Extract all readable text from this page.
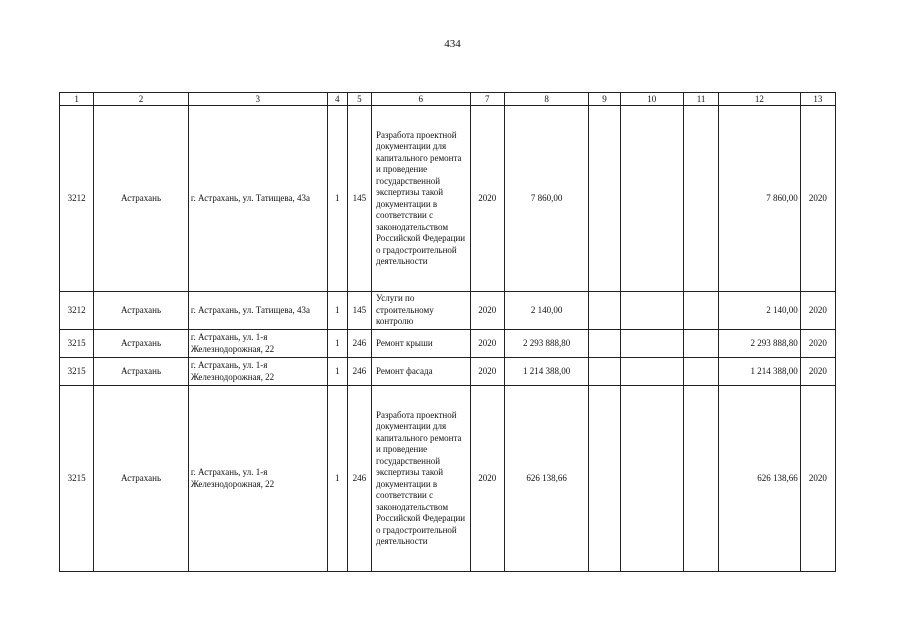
434
1	2	3	4	5	6	7	8	9	10	11	12	13
3212	Астрахань	г. Астрахань, ул. Татищева, 43а	1	145	Разработа проектной документации для капитального ремонта и проведение государственной экспертизы такой документации в соответствии с законодательством Российской Федерации о градостроительной деятельности	2020	7 860,00				7 860,00	2020
3212	Астрахань	г. Астрахань, ул. Татищева, 43а	1	145	Услуги по строительному контролю	2020	2 140,00				2 140,00	2020
3215	Астрахань	г. Астрахань, ул. 1-я Железнодорожная, 22	1	246	Ремонт крыши	2020	2 293 888,80				2 293 888,80	2020
3215	Астрахань	г. Астрахань, ул. 1-я Железнодорожная, 22	1	246	Ремонт фасада	2020	1 214 388,00				1 214 388,00	2020
3215	Астрахань	г. Астрахань, ул. 1-я Железнодорожная, 22	1	246	Разработа проектной документации для капитального ремонта и проведение государственной экспертизы такой документации в соответствии с законодательством Российской Федерации о градостроительной деятельности	2020	626 138,66				626 138,66	2020
